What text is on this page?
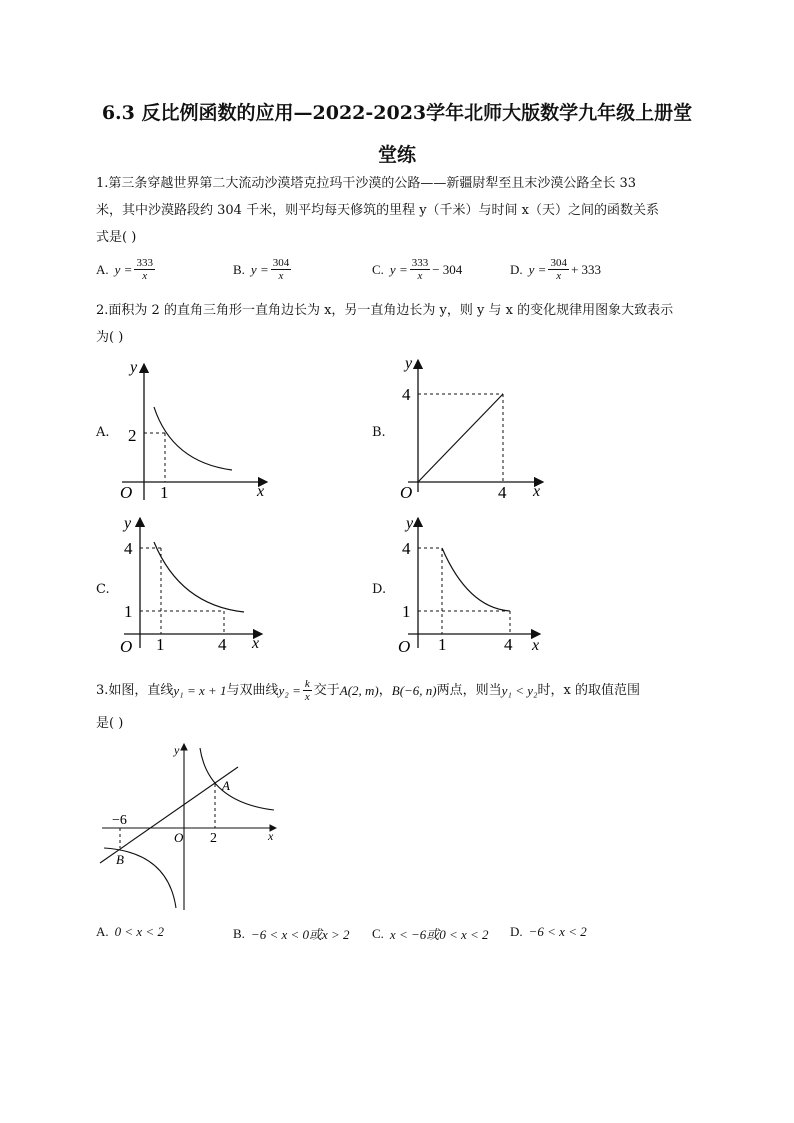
6.3 反比例函数的应用—2022-2023学年北师大版数学九年级上册堂
堂练
1.第三条穿越世界第二大流动沙漠塔克拉玛干沙漠的公路——新疆尉犁至且末沙漠公路全长 33
米，其中沙漠路段约 304 千米，则平均每天修筑的里程 y（千米）与时间 x（天）之间的函数关系
式是( )
A. $y = \frac{333}{x}$	B. $y = \frac{304}{x}$	C. $y = \frac{333}{x} - 304$	D. $y = \frac{304}{x} + 333$
2.面积为 2 的直角三角形一直角边长为 x，另一直角边长为 y，则 y 与 x 的变化规律用图象大致表示
为( )
A.
y
2
O 1	x
B.
y
4
O	4 x
C.
y
4
1
O 1	4 x
D.
y
4
1
O 1	4 x
3.如图，直线 y₁ = x + 1 与双曲线 $y_2 = \frac{k}{x}$ 交于 A(2, m) ， B(−6, n) 两点，则当 y₁ < y₂ 时，x 的取值范围
是( )
y
x
O
−6
2
A
B
A. 0 < x < 2	B. −6 < x < 0或x > 2 C. x < −6或0 < x < 2 D. −6 < x < 2
